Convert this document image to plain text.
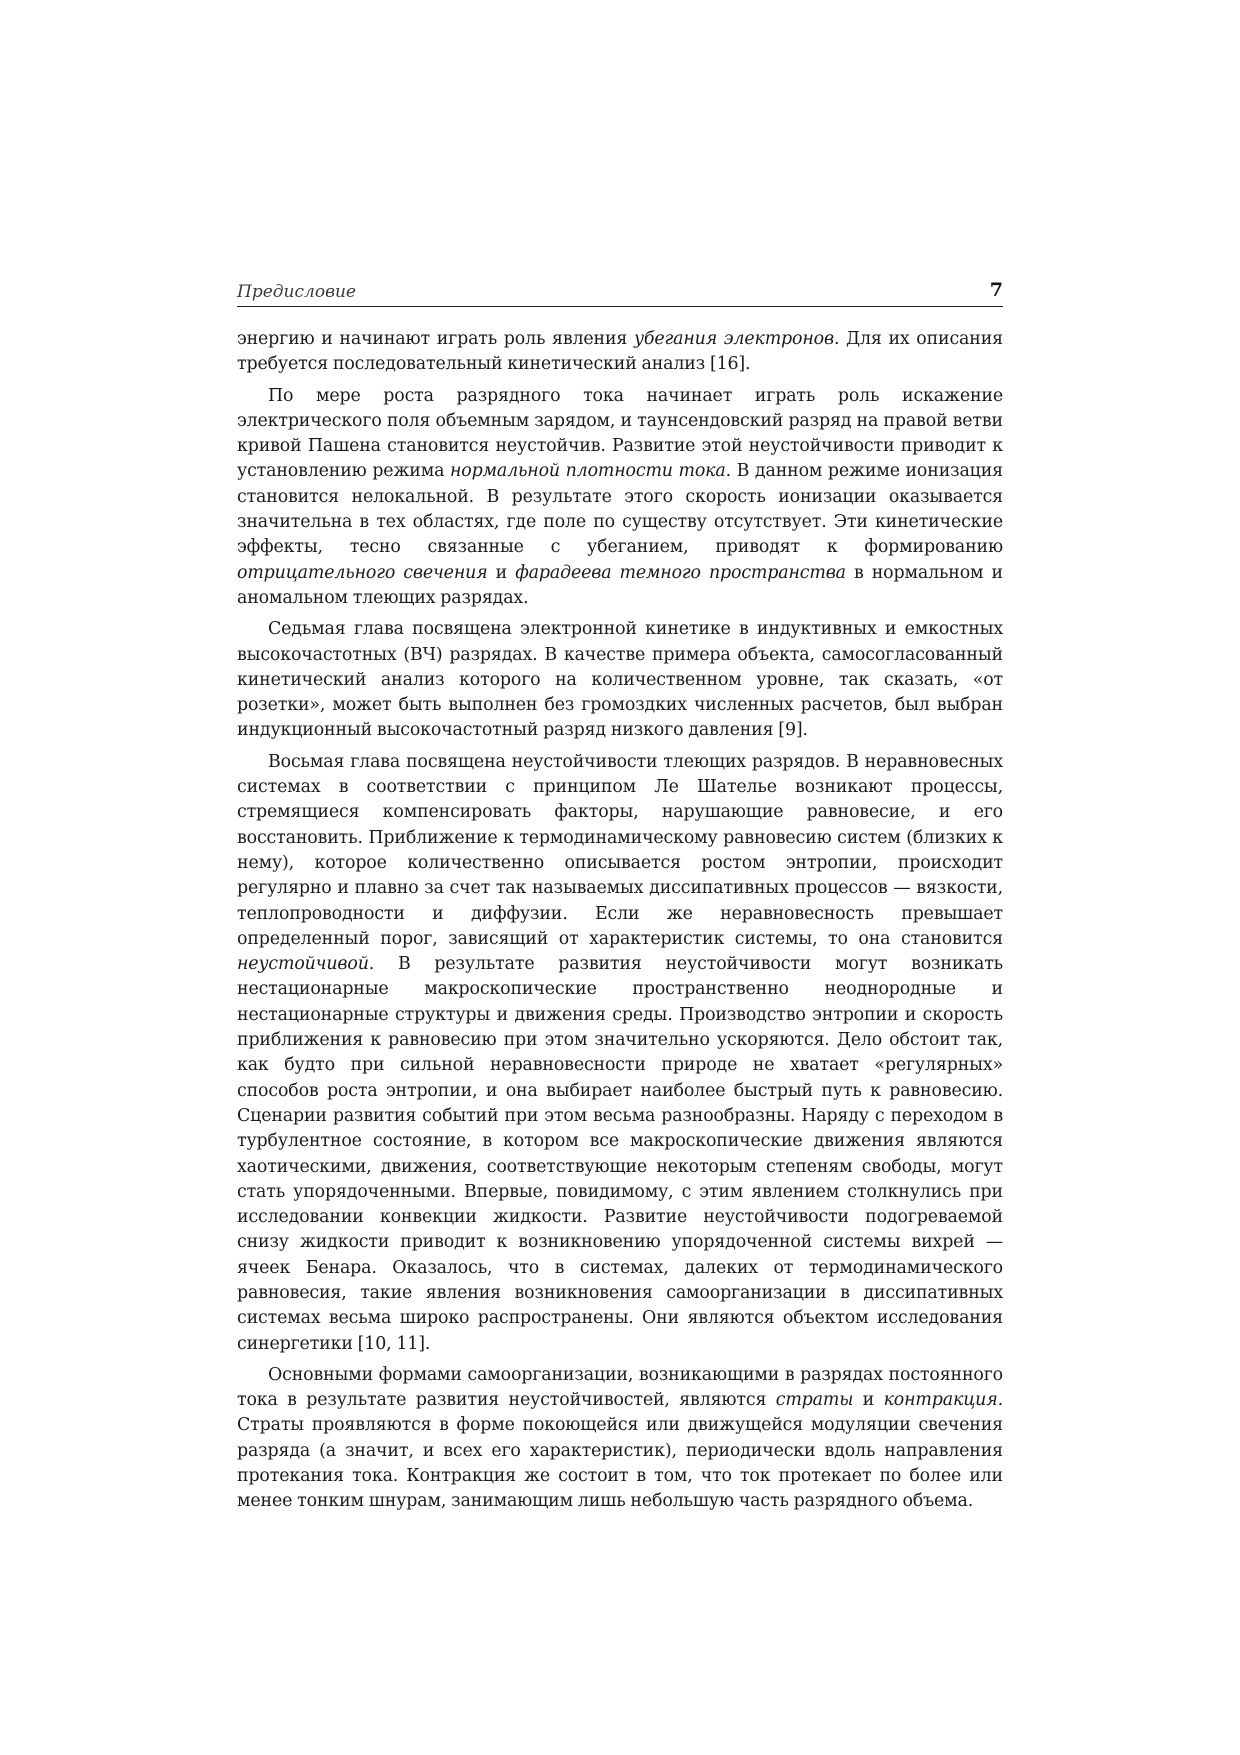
Предисловие	7

энергию и начинают играть роль явления убегания электронов. Для их описания требуется последовательный кинетический анализ [16].

По мере роста разрядного тока начинает играть роль искажение электрического поля объемным зарядом, и таунсендовский разряд на правой ветви кривой Пашена становится неустойчив. Развитие этой неустойчивости приводит к установлению режима нормальной плотности тока. В данном режиме ионизация становится нелокальной. В результате этого скорость ионизации оказывается значительна в тех областях, где поле по существу отсутствует. Эти кинетические эффекты, тесно связанные с убеганием, приводят к формированию отрицательного свечения и фарадеева темного пространства в нормальном и аномальном тлеющих разрядах.

Седьмая глава посвящена электронной кинетике в индуктивных и емкостных высокочастотных (ВЧ) разрядах. В качестве примера объекта, самосогласованный кинетический анализ которого на количественном уровне, так сказать, «от розетки», может быть выполнен без громоздких численных расчетов, был выбран индукционный высокочастотный разряд низкого давления [9].

Восьмая глава посвящена неустойчивости тлеющих разрядов. В неравновесных системах в соответствии с принципом Ле Шателье возникают процессы, стремящиеся компенсировать факторы, нарушающие равновесие, и его восстановить. Приближение к термодинамическому равновесию систем (близких к нему), которое количественно описывается ростом энтропии, происходит регулярно и плавно за счет так называемых диссипативных процессов — вязкости, теплопроводности и диффузии. Если же неравновесность превышает определенный порог, зависящий от характеристик системы, то она становится неустойчивой. В результате развития неустойчивости могут возникать нестационарные макроскопические пространственно неоднородные и нестационарные структуры и движения среды. Производство энтропии и скорость приближения к равновесию при этом значительно ускоряются. Дело обстоит так, как будто при сильной неравновесности природе не хватает «регулярных» способов роста энтропии, и она выбирает наиболее быстрый путь к равновесию. Сценарии развития событий при этом весьма разнообразны. Наряду с переходом в турбулентное состояние, в котором все макроскопические движения являются хаотическими, движения, соответствующие некоторым степеням свободы, могут стать упорядоченными. Впервые, повидимому, с этим явлением столкнулись при исследовании конвекции жидкости. Развитие неустойчивости подогреваемой снизу жидкости приводит к возникновению упорядоченной системы вихрей — ячеек Бенара. Оказалось, что в системах, далеких от термодинамического равновесия, такие явления возникновения самоорганизации в диссипативных системах весьма широко распространены. Они являются объектом исследования синергетики [10, 11].

Основными формами самоорганизации, возникающими в разрядах постоянного тока в результате развития неустойчивостей, являются страты и контракция. Страты проявляются в форме покоющейся или движущейся модуляции свечения разряда (а значит, и всех его характеристик), периодически вдоль направления протекания тока. Контракция же состоит в том, что ток протекает по более или менее тонким шнурам, занимающим лишь небольшую часть разрядного объема.
